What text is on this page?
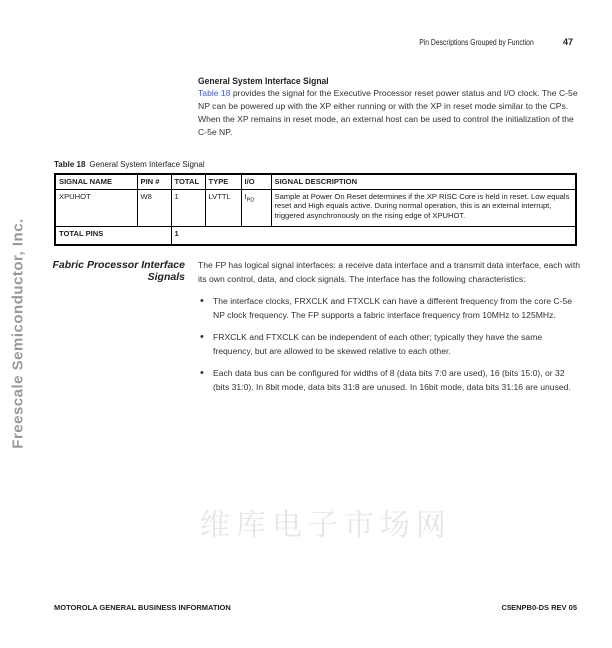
Pin Descriptions Grouped by Function	47
Freescale Semiconductor, Inc.
维库电子市场网
General System Interface Signal

Table 18 provides the signal for the Executive Processor reset power status and I/O clock. The C-5e NP can be powered up with the XP either running or with the XP in reset mode similar to the CPs. When the XP remains in reset mode, an external host can be used to control the initialization of the C-5e NP.

Table 18 General System Interface Signal
SIGNAL NAME	PIN #	TOTAL	TYPE	I/O	SIGNAL DESCRIPTION
XPUHOT	W8	1	LVTTL	$I_{PD}$	Sample at Power On Reset determines if the XP RISC Core is held in reset. Low equals reset and High equals active. During normal operation, this is an external interrupt, triggered asynchronously on the rising edge of XPUHOT.
TOTAL PINS		1			
Fabric Processor Interface
Signals

The FP has logical signal interfaces: a receive data interface and a transmit data interface, each with its own control, data, and clock signals. The interface has the following characteristics:

• The interface clocks, FRXCLK and FTXCLK can have a different frequency from the core C-5e NP clock frequency. The FP supports a fabric interface frequency from 10MHz to 125MHz.
• FRXCLK and FTXCLK can be independent of each other; typically they have the same frequency, but are allowed to be skewed relative to each other.
• Each data bus can be configured for widths of 8 (data bits 7:0 are used), 16 (bits 15:0), or 32 (bits 31:0). In 8bit mode, data bits 31:8 are unused. In 16bit mode, data bits 31:16 are unused.
MOTOROLA GENERAL BUSINESS INFORMATION	C5ENPB0-DS REV 05
